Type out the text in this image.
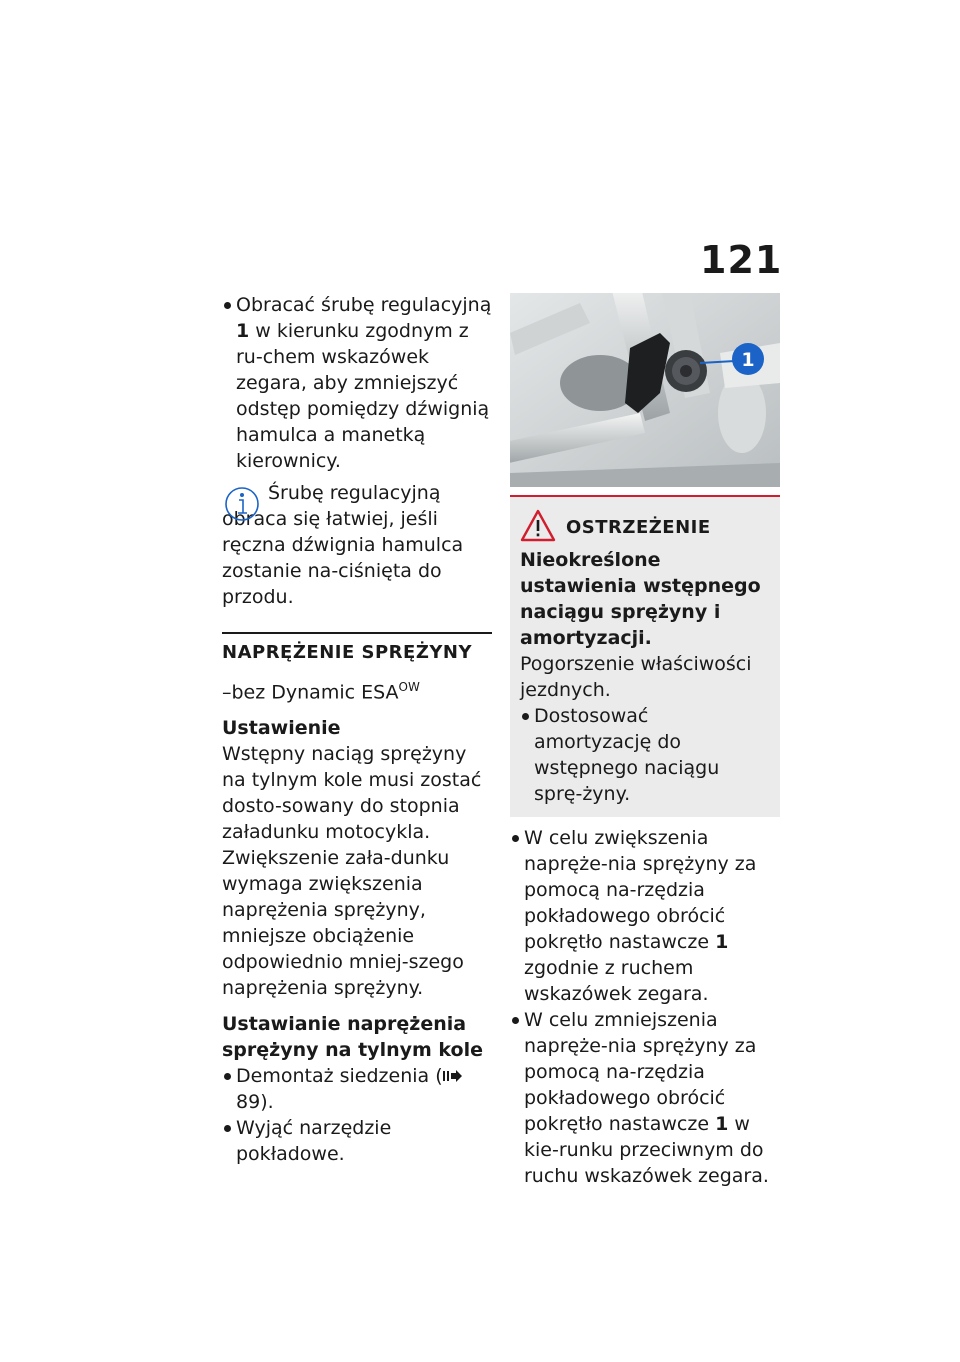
121

Obracać śrubę regulacyjną 1 w kierunku zgodnym z ru-chem wskazówek zegara, aby zmniejszyć odstęp pomiędzy dźwignią hamulca a manetką kierownicy.

Śrubę regulacyjną obraca się łatwiej, jeśli ręczna dźwignia hamulca zostanie na-ciśnięta do przodu.
NAPRĘŻENIE SPRĘŻYNY
–bez Dynamic $ESA^{OW}$
Ustawienie

Wstępny naciąg sprężyny na tylnym kole musi zostać dosto-sowany do stopnia załadunku motocykla. Zwiększenie zała-dunku wymaga zwiększenia naprężenia sprężyny, mniejsze obciążenie odpowiednio mniej-szego naprężenia sprężyny.

Ustawianie naprężenia sprężyny na tylnym kole

Demontaż siedzenia (89).

Wyjąć narzędzie pokładowe.

1
OSTRZEŻENIE
Nieokreślone ustawienia wstępnego naciągu sprężyny i amortyzacji.
Pogorszenie właściwości jezdnych.

Dostosować amortyzację do wstępnego naciągu sprę-żyny.

W celu zwiększenia napręże-nia sprężyny za pomocą na-rzędzia pokładowego obrócić pokrętło nastawcze 1 zgodnie z ruchem wskazówek zegara.

W celu zmniejszenia napręże-nia sprężyny za pomocą na-rzędzia pokładowego obrócić pokrętło nastawcze 1 w kie-runku przeciwnym do ruchu wskazówek zegara.
